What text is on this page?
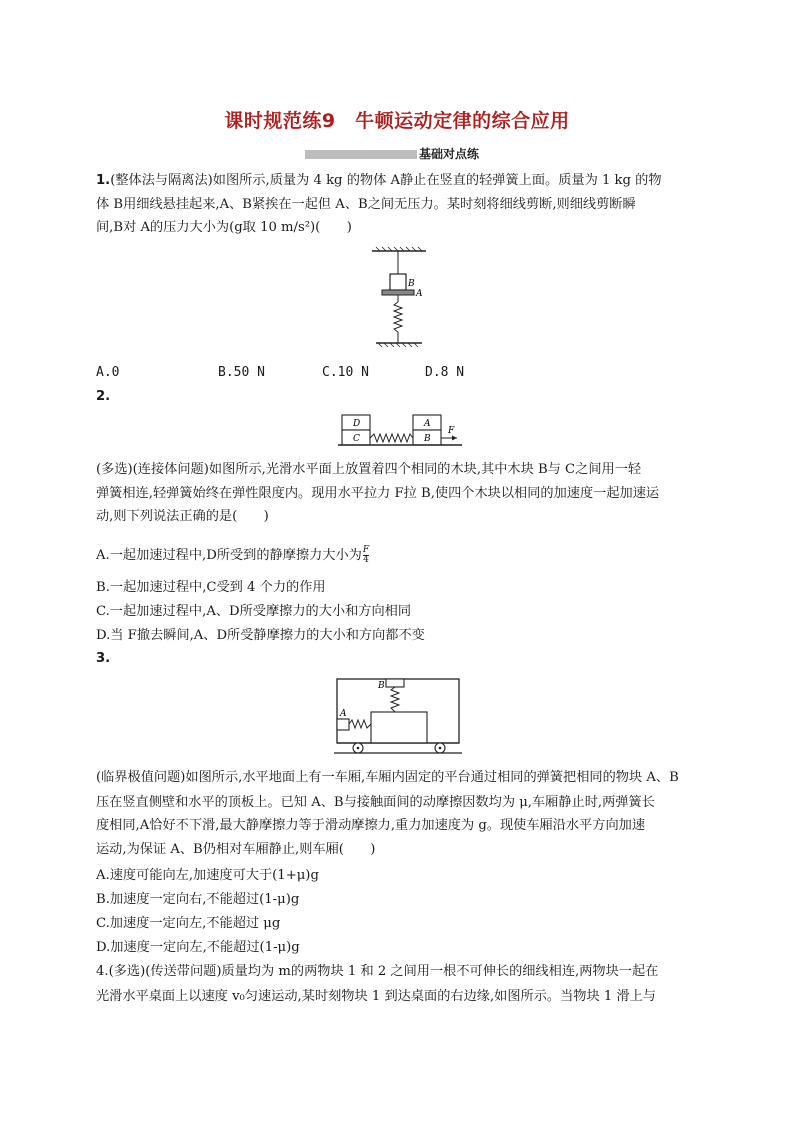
课时规范练9　牛顿运动定律的综合应用
基础对点练
1.(整体法与隔离法)如图所示,质量为 4 kg 的物体 A静止在竖直的轻弹簧上面。质量为 1 kg 的物
体 B用细线悬挂起来,A、B紧挨在一起但 A、B之间无压力。某时刻将细线剪断,则细线剪断瞬
间,B对 A的压力大小为(g取 10 m/s²)(　　)
B
A
A.0	B.50 N	C.10 N	D.8 N
2.
D
C
A
B
F
(多选)(连接体问题)如图所示,光滑水平面上放置着四个相同的木块,其中木块 B与 C之间用一轻
弹簧相连,轻弹簧始终在弹性限度内。现用水平拉力 F拉 B,使四个木块以相同的加速度一起加速运
动,则下列说法正确的是(　　)
A.一起加速过程中,D所受到的静摩擦力大小为 $\frac{F}{4}$
B.一起加速过程中,C受到 4 个力的作用
C.一起加速过程中,A、D所受摩擦力的大小和方向相同
D.当 F撤去瞬间,A、D所受静摩擦力的大小和方向都不变
3.
B
A
(临界极值问题)如图所示,水平地面上有一车厢,车厢内固定的平台通过相同的弹簧把相同的物块 A、B
压在竖直侧壁和水平的顶板上。已知 A、B与接触面间的动摩擦因数均为 μ,车厢静止时,两弹簧长
度相同,A恰好不下滑,最大静摩擦力等于滑动摩擦力,重力加速度为 g。现使车厢沿水平方向加速
运动,为保证 A、B仍相对车厢静止,则车厢(　　)
A.速度可能向左,加速度可大于(1+μ)g
B.加速度一定向右,不能超过(1-μ)g
C.加速度一定向左,不能超过 μg
D.加速度一定向左,不能超过(1-μ)g
4.(多选)(传送带问题)质量均为 m的两物块 1 和 2 之间用一根不可伸长的细线相连,两物块一起在
光滑水平桌面上以速度 v₀匀速运动,某时刻物块 1 到达桌面的右边缘,如图所示。当物块 1 滑上与
